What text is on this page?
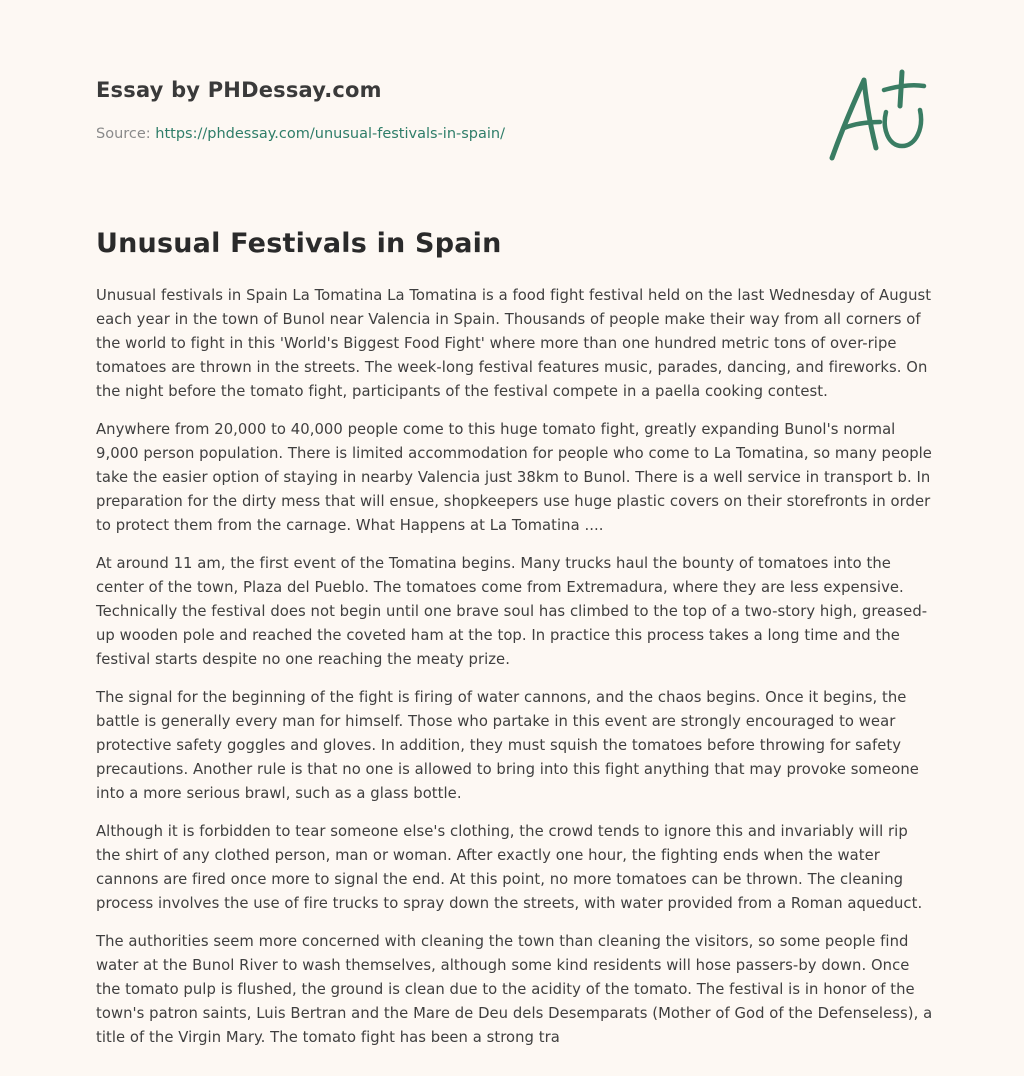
Essay by PHDessay.com
Source: https://phdessay.com/unusual-festivals-in-spain/
Unusual Festivals in Spain

Unusual festivals in Spain La Tomatina La Tomatina is a food fight festival held on the last Wednesday of August each year in the town of Bunol near Valencia in Spain. Thousands of people make their way from all corners of the world to fight in this 'World's Biggest Food Fight' where more than one hundred metric tons of over-ripe tomatoes are thrown in the streets. The week-long festival features music, parades, dancing, and fireworks. On the night before the tomato fight, participants of the festival compete in a paella cooking contest.

Anywhere from 20,000 to 40,000 people come to this huge tomato fight, greatly expanding Bunol's normal 9,000 person population. There is limited accommodation for people who come to La Tomatina, so many people take the easier option of staying in nearby Valencia just 38km to Bunol. There is a well service in transport b. In preparation for the dirty mess that will ensue, shopkeepers use huge plastic covers on their storefronts in order to protect them from the carnage. What Happens at La Tomatina ....

At around 11 am, the first event of the Tomatina begins. Many trucks haul the bounty of tomatoes into the center of the town, Plaza del Pueblo. The tomatoes come from Extremadura, where they are less expensive. Technically the festival does not begin until one brave soul has climbed to the top of a two-story high, greased-up wooden pole and reached the coveted ham at the top. In practice this process takes a long time and the festival starts despite no one reaching the meaty prize.

The signal for the beginning of the fight is firing of water cannons, and the chaos begins. Once it begins, the battle is generally every man for himself. Those who partake in this event are strongly encouraged to wear protective safety goggles and gloves. In addition, they must squish the tomatoes before throwing for safety precautions. Another rule is that no one is allowed to bring into this fight anything that may provoke someone into a more serious brawl, such as a glass bottle.

Although it is forbidden to tear someone else's clothing, the crowd tends to ignore this and invariably will rip the shirt of any clothed person, man or woman. After exactly one hour, the fighting ends when the water cannons are fired once more to signal the end. At this point, no more tomatoes can be thrown. The cleaning process involves the use of fire trucks to spray down the streets, with water provided from a Roman aqueduct.

The authorities seem more concerned with cleaning the town than cleaning the visitors, so some people find water at the Bunol River to wash themselves, although some kind residents will hose passers-by down. Once the tomato pulp is flushed, the ground is clean due to the acidity of the tomato. The festival is in honor of the town's patron saints, Luis Bertran and the Mare de Deu dels Desemparats (Mother of God of the Defenseless), a title of the Virgin Mary. The tomato fight has been a strong tra
